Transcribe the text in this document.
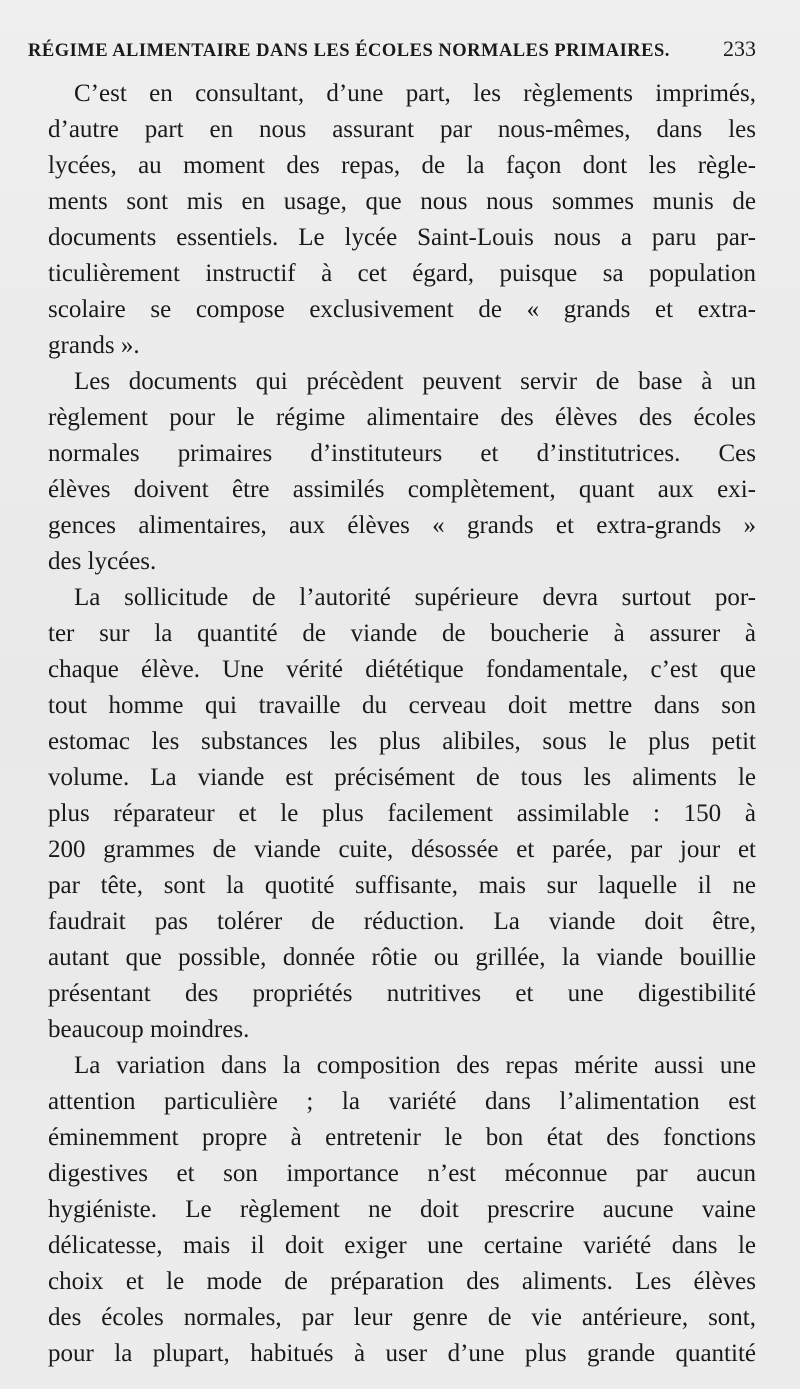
RÉGIME ALIMENTAIRE DANS LES ÉCOLES NORMALES PRIMAIRES. 233
C’est en consultant, d’une part, les règlements imprimés,
d’autre part en nous assurant par nous-mêmes, dans les
lycées, au moment des repas, de la façon dont les règle-
ments sont mis en usage, que nous nous sommes munis de
documents essentiels. Le lycée Saint-Louis nous a paru par-
ticulièrement instructif à cet égard, puisque sa population
scolaire se compose exclusivement de « grands et extra-
grands ».
Les documents qui précèdent peuvent servir de base à un
règlement pour le régime alimentaire des élèves des écoles
normales primaires d’instituteurs et d’institutrices. Ces
élèves doivent être assimilés complètement, quant aux exi-
gences alimentaires, aux élèves « grands et extra-grands »
des lycées.
La sollicitude de l’autorité supérieure devra surtout por-
ter sur la quantité de viande de boucherie à assurer à
chaque élève. Une vérité diététique fondamentale, c’est que
tout homme qui travaille du cerveau doit mettre dans son
estomac les substances les plus alibiles, sous le plus petit
volume. La viande est précisément de tous les aliments le
plus réparateur et le plus facilement assimilable : 150 à
200 grammes de viande cuite, désossée et parée, par jour et
par tête, sont la quotité suffisante, mais sur laquelle il ne
faudrait pas tolérer de réduction. La viande doit être,
autant que possible, donnée rôtie ou grillée, la viande bouillie
présentant des propriétés nutritives et une digestibilité
beaucoup moindres.
La variation dans la composition des repas mérite aussi une
attention particulière ; la variété dans l’alimentation est
éminemment propre à entretenir le bon état des fonctions
digestives et son importance n’est méconnue par aucun
hygiéniste. Le règlement ne doit prescrire aucune vaine
délicatesse, mais il doit exiger une certaine variété dans le
choix et le mode de préparation des aliments. Les élèves
des écoles normales, par leur genre de vie antérieure, sont,
pour la plupart, habitués à user d’une plus grande quantité
